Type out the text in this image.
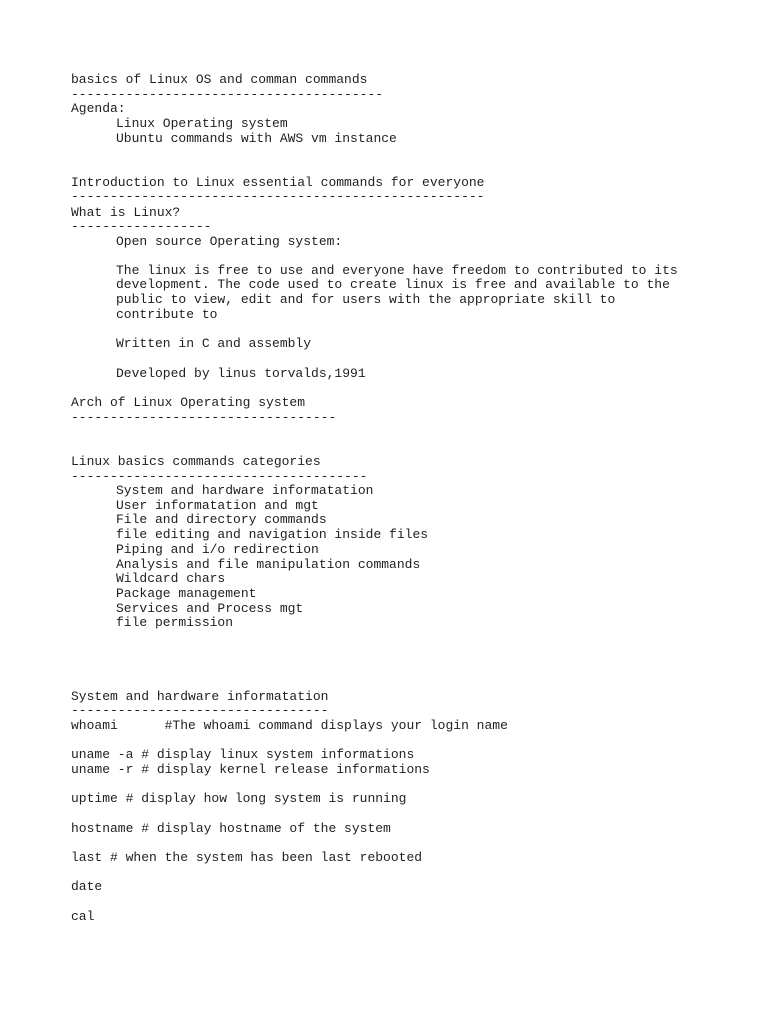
basics of Linux OS and comman commands
----------------------------------------
Agenda:
Linux Operating system
Ubuntu commands with AWS vm instance
Introduction to Linux essential commands for everyone
-----------------------------------------------------
What is Linux?
------------------
Open source Operating system:
The linux is free to use and everyone have freedom to contributed to its
development. The code used to create linux is free and available to the
public to view, edit and for users with the appropriate skill to
contribute to
Written in C and assembly
Developed by linus torvalds,1991
Arch of Linux Operating system
----------------------------------
Linux basics commands categories
--------------------------------------
System and hardware informatation
User informatation and mgt
File and directory commands
file editing and navigation inside files
Piping and i/o redirection
Analysis and file manipulation commands
Wildcard chars
Package management
Services and Process mgt
file permission
System and hardware informatation
---------------------------------
whoami      #The whoami command displays your login name
uname -a # display linux system informations
uname -r # display kernel release informations
uptime # display how long system is running
hostname # display hostname of the system
last # when the system has been last rebooted
date
cal
